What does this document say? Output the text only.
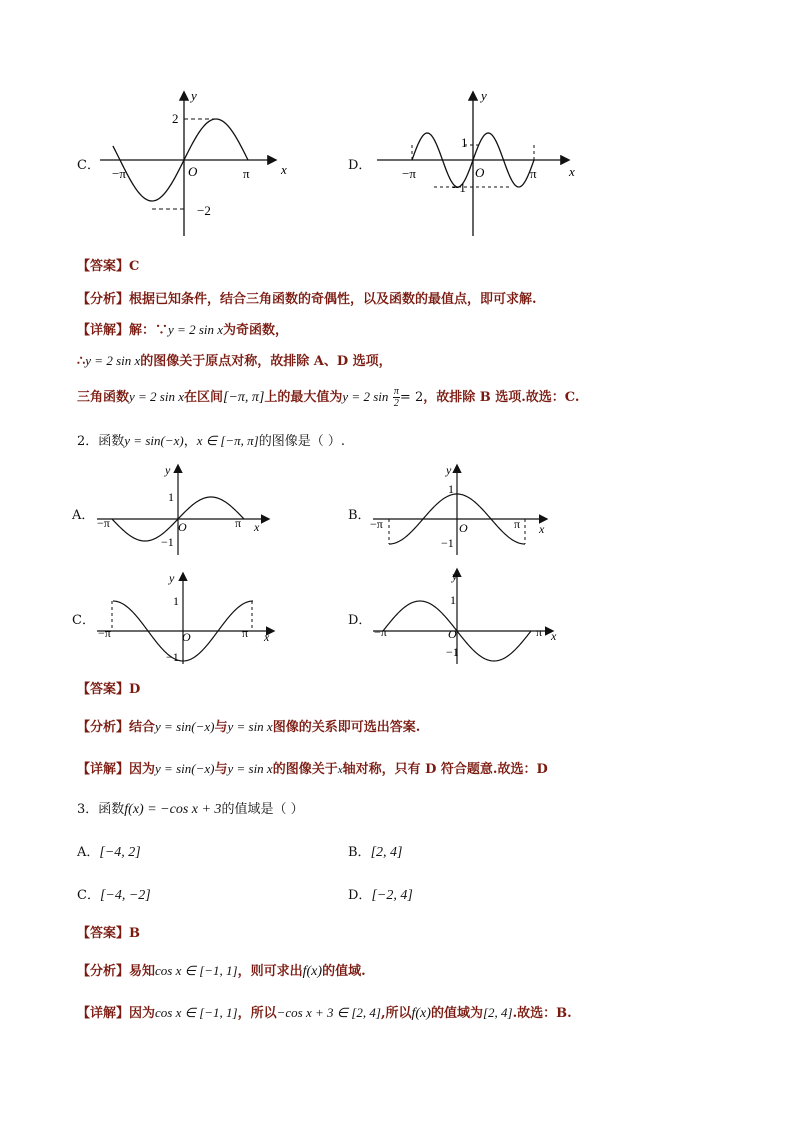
C．
y
x
O
2
−2
−π	π
D．
y
x
O
1
−1
−π	π
【答案】C
【分析】根据已知条件，结合三角函数的奇偶性，以及函数的最值点，即可求解.
【详解】解：∵y = 2 sin x为奇函数，
∴y = 2 sin x的图像关于原点对称，故排除 A、D 选项，
三角函数y = 2 sin x在区间[−π, π]上的最大值为y = 2 $\sin \frac{\pi}{2} = 2$，故排除 B 选项.故选：C.
2．函数y = sin(−x)，x ∈ [−π, π]的图像是（ ）.
A．
y
x
O
1
−1
−π	π	B．
y
x
O
1
−1
−π	π
C．
y
x
O
1
−1
−π	π
D．
y
x
O
1
−1
−π	π
【答案】D
【分析】结合y = sin(−x)与y = sin x图像的关系即可选出答案.
【详解】因为y = sin(−x)与y = sin x的图像关于x轴对称，只有 D 符合题意.故选：D
3．函数f(x) = −cos x + 3的值域是（ ）
A．[−4, 2]	B．[2, 4]
C．[−4, −2]	D．[−2, 4]
【答案】B
【分析】易知cos x ∈ [−1, 1]，则可求出f(x)的值域.
【详解】因为cos x ∈ [−1, 1]，所以−cos x + 3 ∈ [2, 4],所以f(x)的值域为[2, 4].故选：B.
